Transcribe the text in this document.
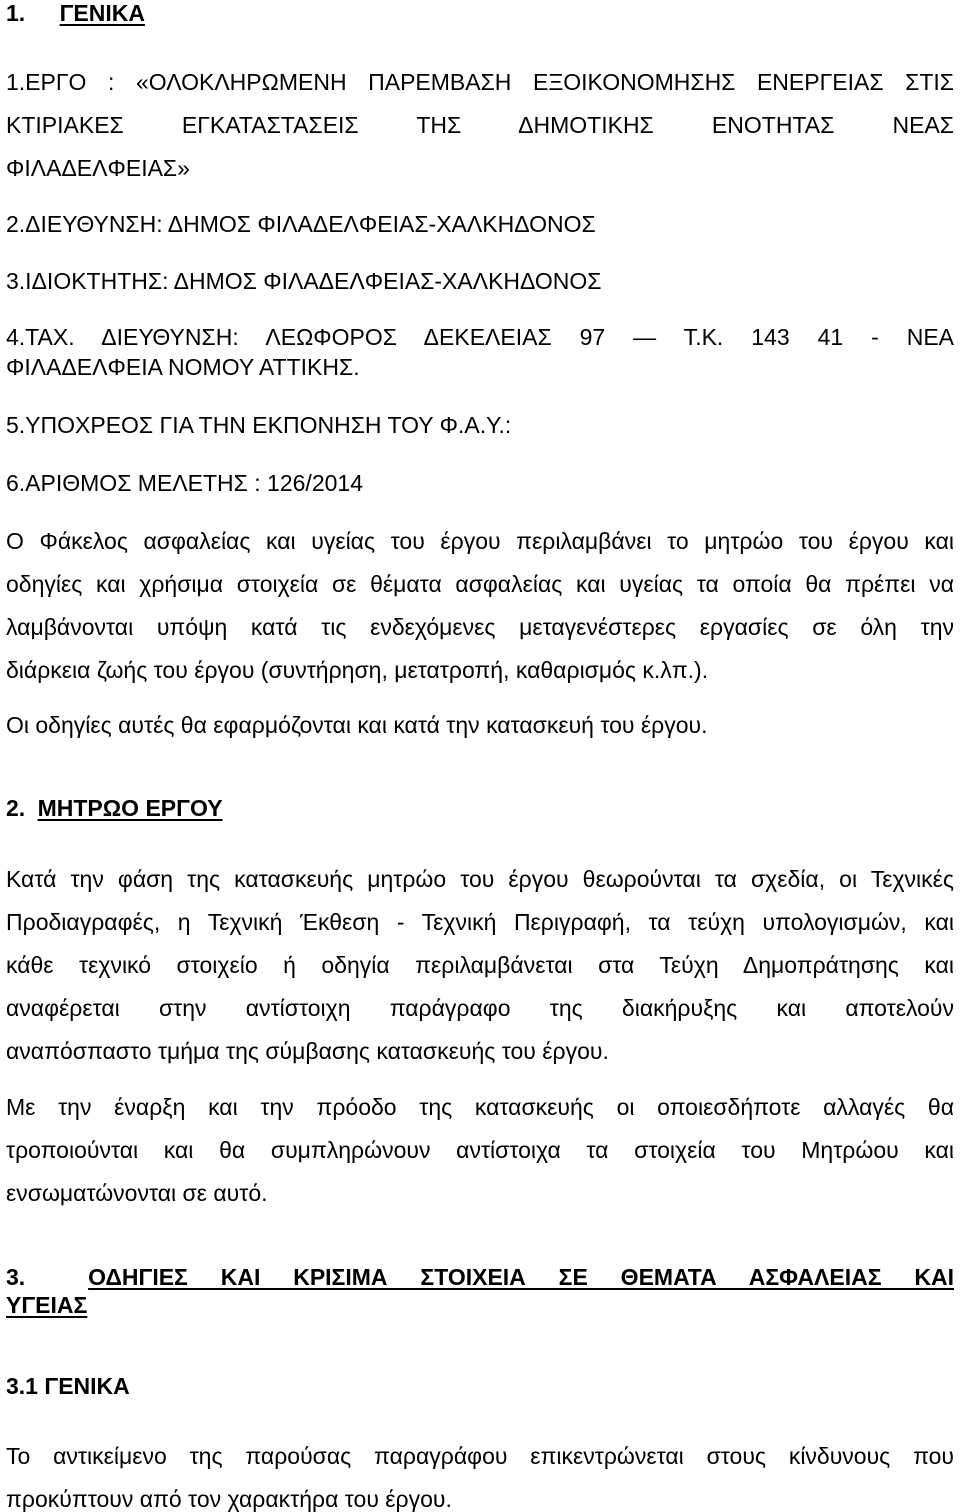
1. ΓΕΝΙΚΑ
1.ΕΡΓΟ : «ΟΛΟΚΛΗΡΩΜΕΝΗ ΠΑΡΕΜΒΑΣΗ ΕΞΟΙΚΟΝΟΜΗΣΗΣ ΕΝΕΡΓΕΙΑΣ ΣΤΙΣ
ΚΤΙΡΙΑΚΕΣ ΕΓΚΑΤΑΣΤΑΣΕΙΣ ΤΗΣ ΔΗΜΟΤΙΚΗΣ ΕΝΟΤΗΤΑΣ ΝΕΑΣ
ΦΙΛΑΔΕΛΦΕΙΑΣ»
2.ΔΙΕΥΘΥΝΣΗ: ΔΗΜΟΣ ΦΙΛΑΔΕΛΦΕΙΑΣ-ΧΑΛΚΗΔΟΝΟΣ
3.ΙΔΙΟΚΤΗΤΗΣ: ΔΗΜΟΣ ΦΙΛΑΔΕΛΦΕΙΑΣ-ΧΑΛΚΗΔΟΝΟΣ
4.ΤΑΧ. ΔΙΕΥΘΥΝΣΗ: ΛΕΩΦΟΡΟΣ ΔΕΚΕΛΕΙΑΣ 97 — Τ.Κ. 143 41 - ΝΕΑ
ΦΙΛΑΔΕΛΦΕΙΑ ΝΟΜΟΥ ΑΤΤΙΚΗΣ.
5.ΥΠΟΧΡΕΟΣ ΓΙΑ ΤΗΝ ΕΚΠΟΝΗΣΗ ΤΟΥ Φ.Α.Υ.:
6.ΑΡΙΘΜΟΣ ΜΕΛΕΤΗΣ : 126/2014
Ο Φάκελος ασφαλείας και υγείας του έργου περιλαμβάνει το μητρώο του έργου και
οδηγίες και χρήσιμα στοιχεία σε θέματα ασφαλείας και υγείας τα οποία θα πρέπει να
λαμβάνονται υπόψη κατά τις ενδεχόμενες μεταγενέστερες εργασίες σε όλη την
διάρκεια ζωής του έργου (συντήρηση, μετατροπή, καθαρισμός κ.λπ.).
Οι οδηγίες αυτές θα εφαρμόζονται και κατά την κατασκευή του έργου.
2. ΜΗΤΡΩΟ ΕΡΓΟΥ
Κατά την φάση της κατασκευής μητρώο του έργου θεωρούνται τα σχεδία, οι Τεχνικές
Προδιαγραφές, η Τεχνική Έκθεση - Τεχνική Περιγραφή, τα τεύχη υπολογισμών, και
κάθε τεχνικό στοιχείο ή οδηγία περιλαμβάνεται στα Τεύχη Δημοπράτησης και
αναφέρεται στην αντίστοιχη παράγραφο της διακήρυξης και αποτελούν
αναπόσπαστο τμήμα της σύμβασης κατασκευής του έργου.
Με την έναρξη και την πρόοδο της κατασκευής οι οποιεσδήποτε αλλαγές θα
τροποιούνται και θα συμπληρώνουν αντίστοιχα τα στοιχεία του Μητρώου και
ενσωματώνονται σε αυτό.
3.	ΟΔΗΓΙΕΣ ΚΑΙ ΚΡΙΣΙΜΑ ΣΤΟΙΧΕΙΑ ΣΕ ΘΕΜΑΤΑ ΑΣΦΑΛΕΙΑΣ ΚΑΙ
ΥΓΕΙΑΣ
3.1 ΓΕΝΙΚΑ
Το αντικείμενο της παρούσας παραγράφου επικεντρώνεται στους κίνδυνους που
προκύπτουν από τον χαρακτήρα του έργου.
